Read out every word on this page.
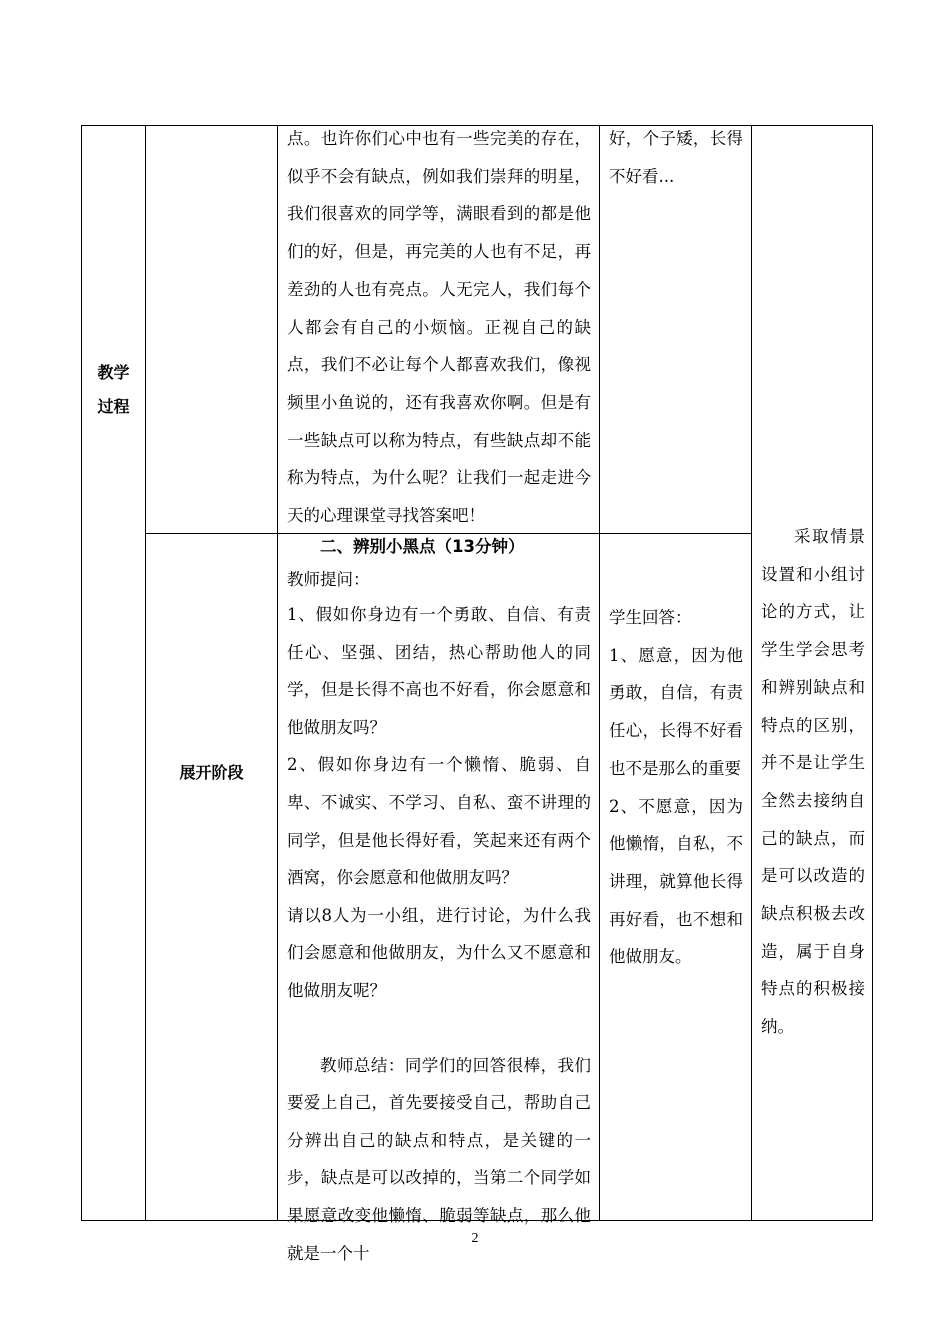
教学
过程
展开阶段
点。也许你们心中也有一些完美的存在，似乎不会有缺点，例如我们崇拜的明星，我们很喜欢的同学等，满眼看到的都是他们的好，但是，再完美的人也有不足，再差劲的人也有亮点。人无完人，我们每个人都会有自己的小烦恼。正视自己的缺点，我们不必让每个人都喜欢我们，像视频里小鱼说的，还有我喜欢你啊。但是有一些缺点可以称为特点，有些缺点却不能称为特点，为什么呢？让我们一起走进今天的心理课堂寻找答案吧！
好，个子矮，长得不好看...
二、辨别小黑点（13分钟）
教师提问：
1、假如你身边有一个勇敢、自信、有责任心、坚强、团结，热心帮助他人的同学，但是长得不高也不好看，你会愿意和他做朋友吗？
2、假如你身边有一个懒惰、脆弱、自卑、不诚实、不学习、自私、蛮不讲理的同学，但是他长得好看，笑起来还有两个酒窝，你会愿意和他做朋友吗？
请以8人为一小组，进行讨论，为什么我们会愿意和他做朋友，为什么又不愿意和他做朋友呢？
教师总结：同学们的回答很棒，我们要爱上自己，首先要接受自己，帮助自己分辨出自己的缺点和特点，是关键的一步，缺点是可以改掉的，当第二个同学如果愿意改变他懒惰、脆弱等缺点，那么他就是一个十
学生回答：
1、愿意，因为他勇敢，自信，有责任心，长得不好看也不是那么的重要
2、不愿意，因为他懒惰，自私，不讲理，就算他长得再好看，也不想和他做朋友。
采取情景设置和小组讨论的方式，让学生学会思考和辨别缺点和特点的区别，并不是让学生全然去接纳自己的缺点，而是可以改造的缺点积极去改造，属于自身特点的积极接纳。
2
